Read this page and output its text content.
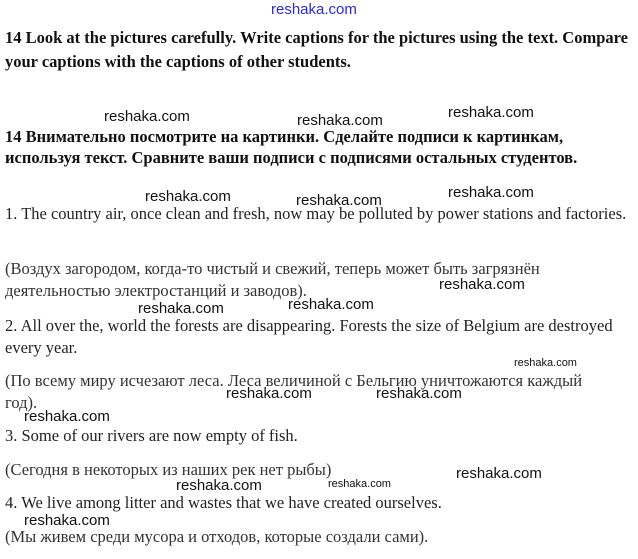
reshaka.com
14 Look at the pictures carefully. Write captions for the pictures using the text. Compare your captions with the captions of other students.
14 Внимательно посмотрите на картинки. Сделайте подписи к картинкам, используя текст. Сравните ваши подписи с подписями остальных студентов.
1. The country air, once clean and fresh, now may be polluted by power stations and factories.
(Воздух загородом, когда-то чистый и свежий, теперь может быть загрязнён деятельностью электростанций и заводов).
2. All over the, world the forests are disappearing. Forests the size of Belgium are destroyed every year.
(По всему миру исчезают леса. Леса величиной с Бельгию уничтожаются каждый год).
3. Some of our rivers are now empty of fish.
(Сегодня в некоторых из наших рек нет рыбы)
4. We live among litter and wastes that we have created ourselves.
(Мы живем среди мусора и отходов, которые создали сами).
reshaka.com	reshaka.com	reshaka.com
reshaka.com	reshaka.com	reshaka.com
reshaka.com	reshaka.com
reshaka.com
reshaka.com
reshaka.com	reshaka.com
reshaka.com
reshaka.com
reshaka.com	reshaka.com
reshaka.com
